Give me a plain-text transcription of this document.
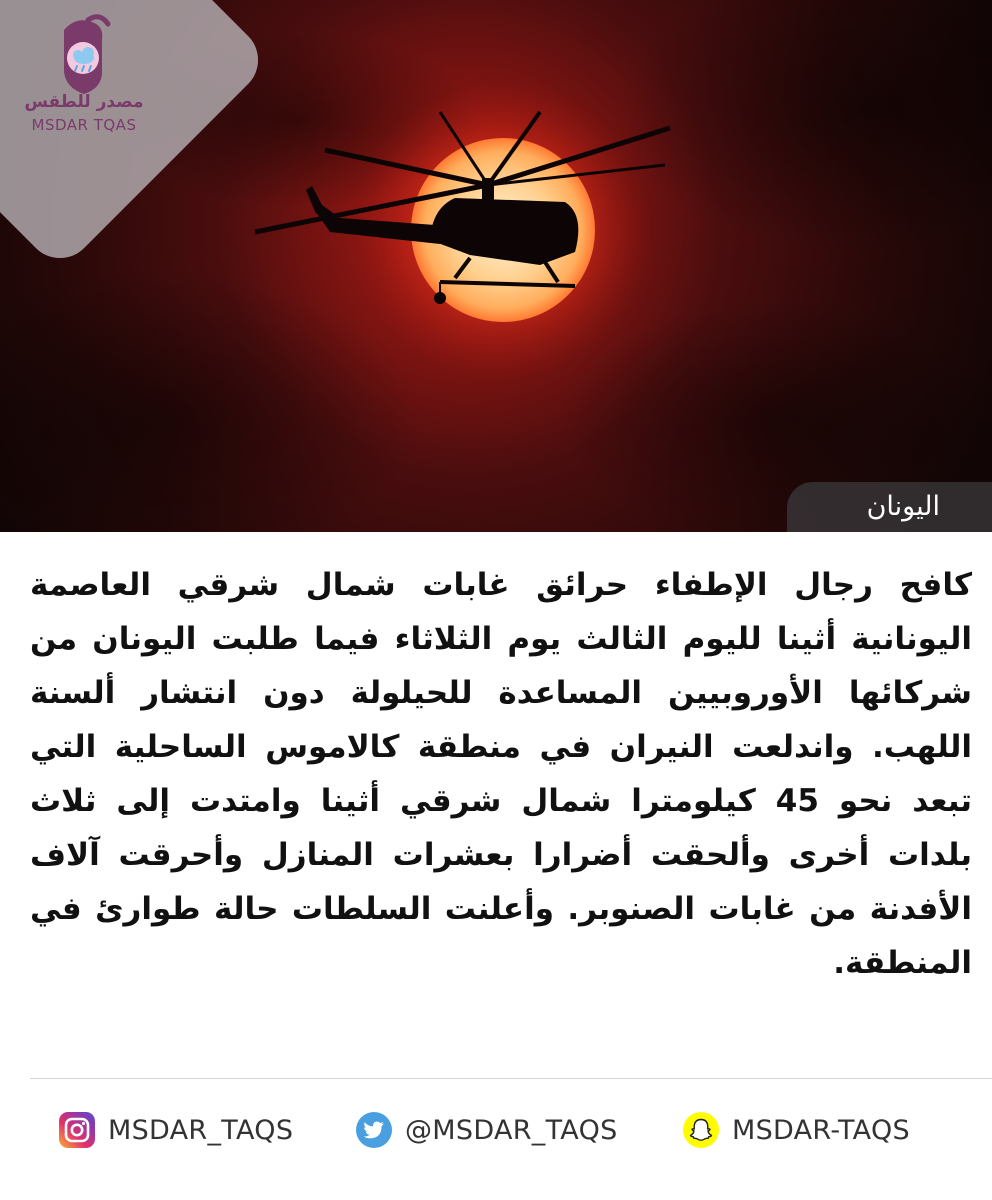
مصدر للطقس
MSDAR TQAS
اليونان
كافح رجال الإطفاء حرائق غابات شمال شرقي العاصمة اليونانية أثينا لليوم الثالث يوم الثلاثاء فيما طلبت اليونان من شركائها الأوروبيين المساعدة للحيلولة دون انتشار ألسنة اللهب. واندلعت النيران في منطقة كالاموس الساحلية التي تبعد نحو 45 كيلومترا شمال شرقي أثينا وامتدت إلى ثلاث بلدات أخرى وألحقت أضرارا بعشرات المنازل وأحرقت آلاف الأفدنة من غابات الصنوبر. وأعلنت السلطات حالة طوارئ في المنطقة.
MSDAR_TAQS	@MSDAR_TAQS	MSDAR-TAQS
